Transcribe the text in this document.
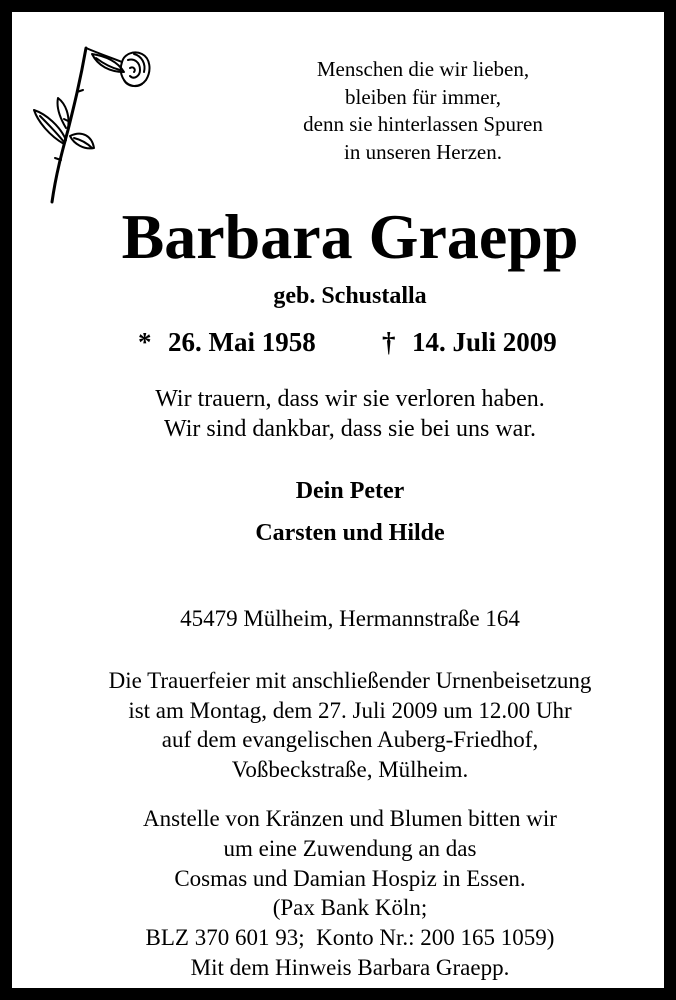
Menschen die wir lieben,
bleiben für immer,
denn sie hinterlassen Spuren
in unseren Herzen.
Barbara Graepp
geb. Schustalla
* 26. Mai 1958 † 14. Juli 2009
Wir trauern, dass wir sie verloren haben.
Wir sind dankbar, dass sie bei uns war.
Dein Peter
Carsten und Hilde
45479 Mülheim, Hermannstraße 164
Die Trauerfeier mit anschließender Urnenbeisetzung
ist am Montag, dem 27. Juli 2009 um 12.00 Uhr
auf dem evangelischen Auberg-Friedhof,
Voßbeckstraße, Mülheim.
Anstelle von Kränzen und Blumen bitten wir
um eine Zuwendung an das
Cosmas und Damian Hospiz in Essen.
(Pax Bank Köln;
BLZ 370 601 93;  Konto Nr.: 200 165 1059)
Mit dem Hinweis Barbara Graepp.
